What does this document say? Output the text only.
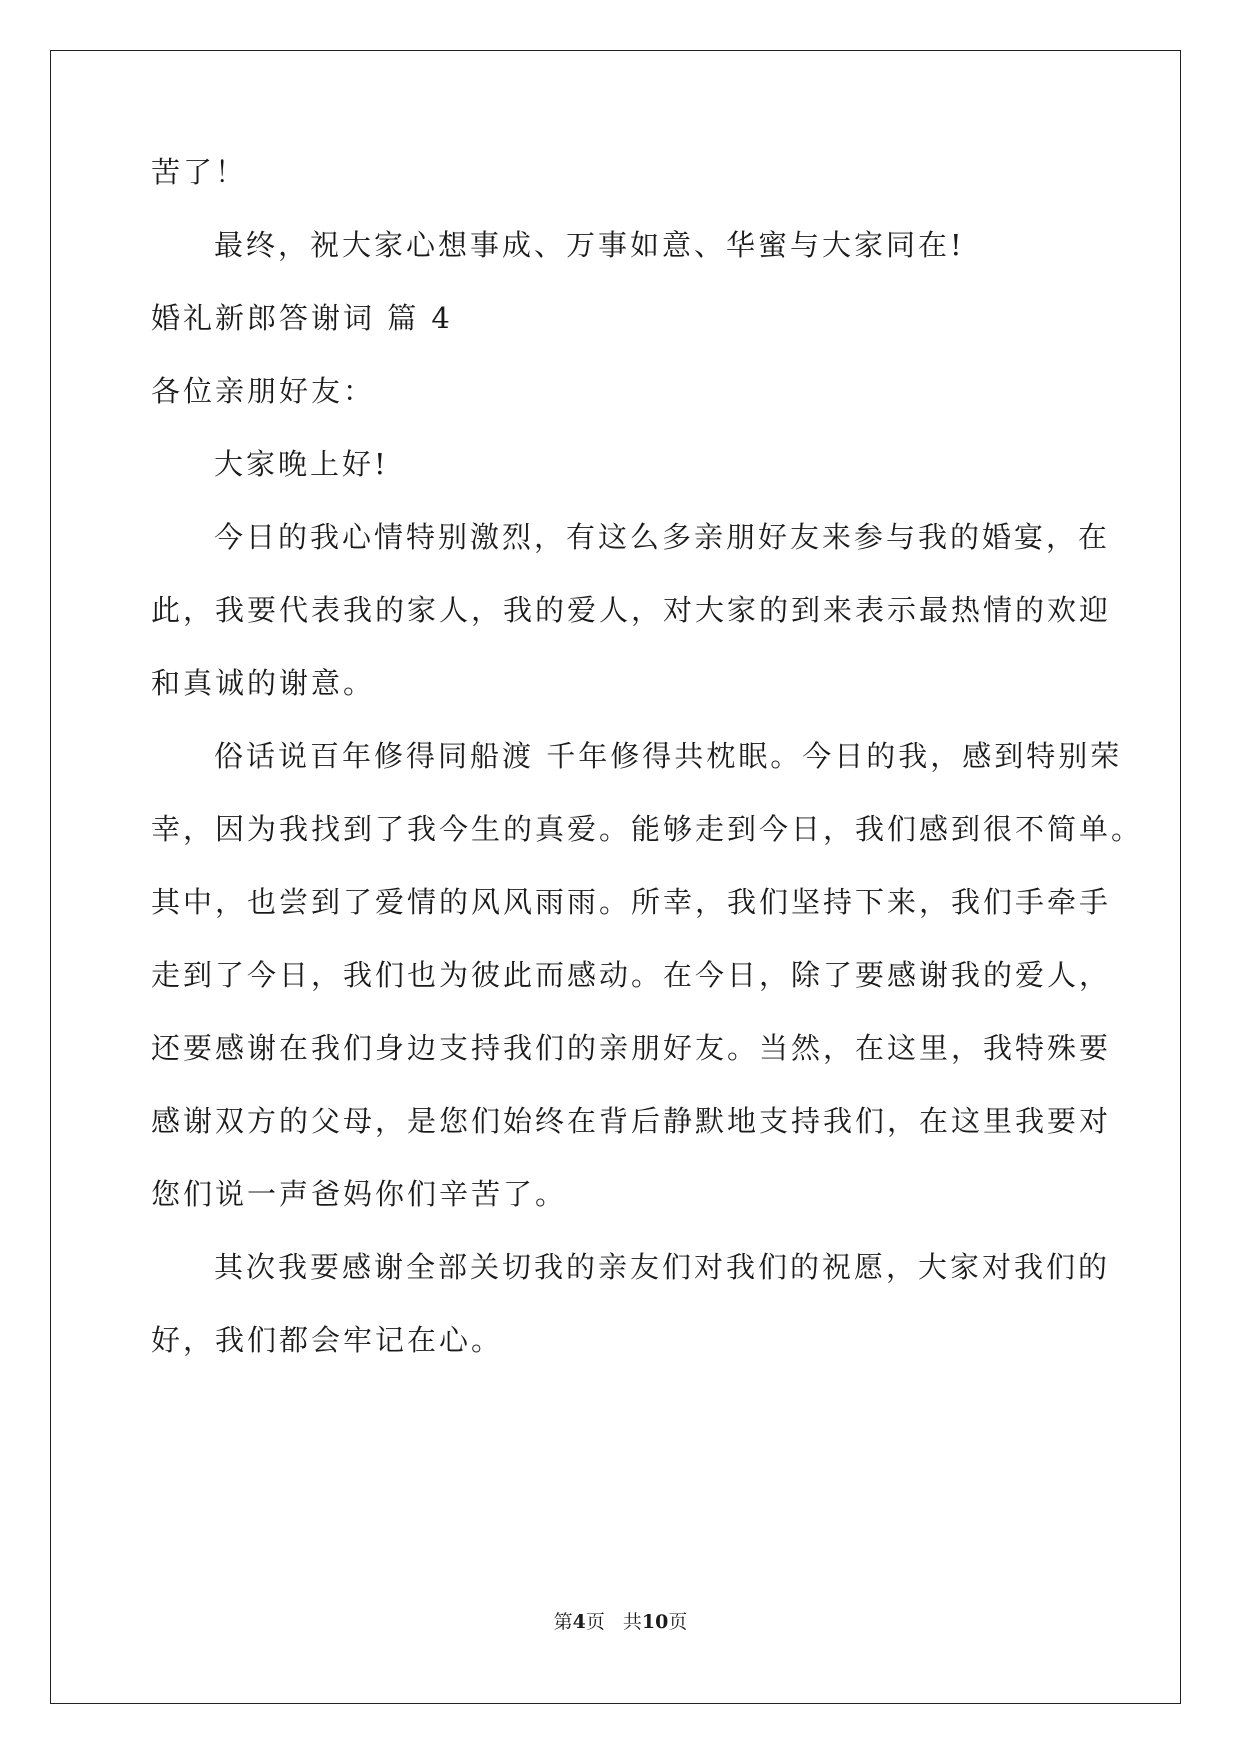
苦了！
最终，祝大家心想事成、万事如意、华蜜与大家同在!
婚礼新郎答谢词 篇 4
各位亲朋好友：
大家晚上好!
今日的我心情特别激烈，有这么多亲朋好友来参与我的婚宴，在
此，我要代表我的家人，我的爱人，对大家的到来表示最热情的欢迎
和真诚的谢意。
俗话说百年修得同船渡 千年修得共枕眠。今日的我，感到特别荣
幸，因为我找到了我今生的真爱。能够走到今日，我们感到很不简单。
其中，也尝到了爱情的风风雨雨。所幸，我们坚持下来，我们手牵手
走到了今日，我们也为彼此而感动。在今日，除了要感谢我的爱人，
还要感谢在我们身边支持我们的亲朋好友。当然，在这里，我特殊要
感谢双方的父母，是您们始终在背后静默地支持我们，在这里我要对
您们说一声爸妈你们辛苦了。
其次我要感谢全部关切我的亲友们对我们的祝愿，大家对我们的
好，我们都会牢记在心。
第4页 共10页
